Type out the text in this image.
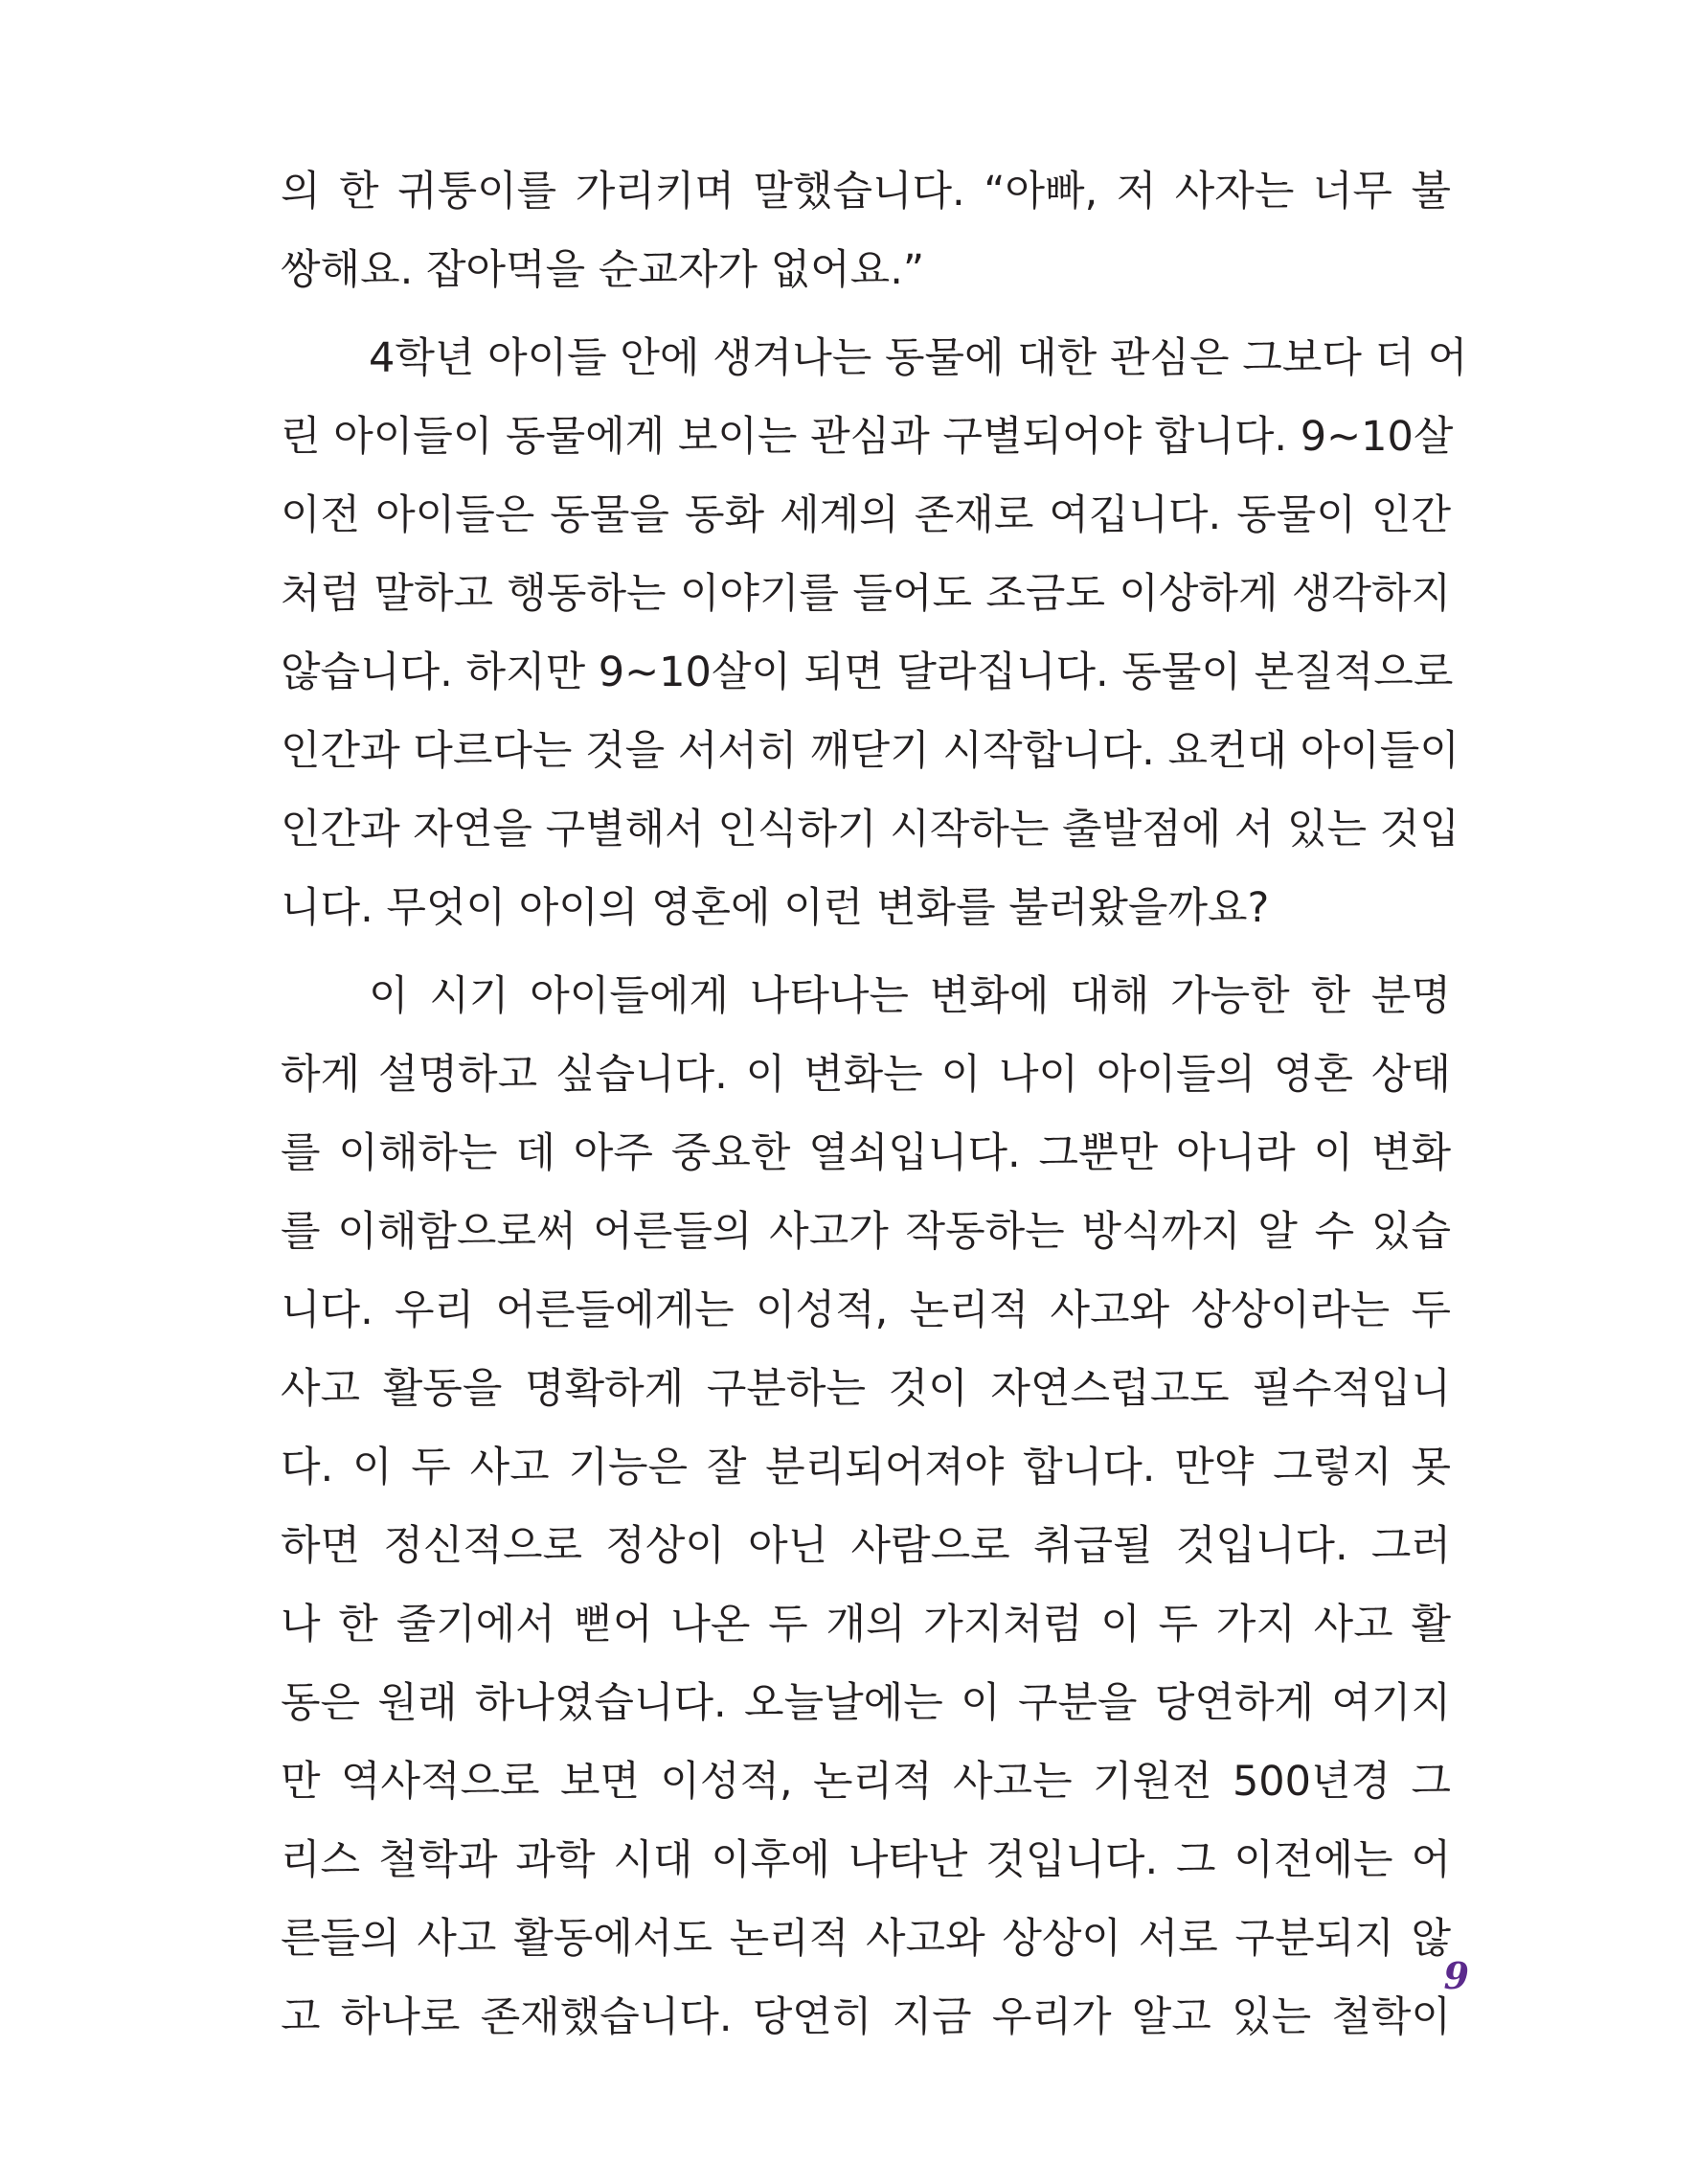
의 한 귀퉁이를 가리키며 말했습니다. “아빠, 저 사자는 너무 불
쌍해요. 잡아먹을 순교자가 없어요.”
4학년 아이들 안에 생겨나는 동물에 대한 관심은 그보다 더 어
린 아이들이 동물에게 보이는 관심과 구별되어야 합니다. 9~10살
이전 아이들은 동물을 동화 세계의 존재로 여깁니다. 동물이 인간
처럼 말하고 행동하는 이야기를 들어도 조금도 이상하게 생각하지
않습니다. 하지만 9~10살이 되면 달라집니다. 동물이 본질적으로
인간과 다르다는 것을 서서히 깨닫기 시작합니다. 요컨대 아이들이
인간과 자연을 구별해서 인식하기 시작하는 출발점에 서 있는 것입
니다. 무엇이 아이의 영혼에 이런 변화를 불러왔을까요?
이 시기 아이들에게 나타나는 변화에 대해 가능한 한 분명
하게 설명하고 싶습니다. 이 변화는 이 나이 아이들의 영혼 상태
를 이해하는 데 아주 중요한 열쇠입니다. 그뿐만 아니라 이 변화
를 이해함으로써 어른들의 사고가 작동하는 방식까지 알 수 있습
니다. 우리 어른들에게는 이성적, 논리적 사고와 상상이라는 두
사고 활동을 명확하게 구분하는 것이 자연스럽고도 필수적입니
다. 이 두 사고 기능은 잘 분리되어져야 합니다. 만약 그렇지 못
하면 정신적으로 정상이 아닌 사람으로 취급될 것입니다. 그러
나 한 줄기에서 뻗어 나온 두 개의 가지처럼 이 두 가지 사고 활
동은 원래 하나였습니다. 오늘날에는 이 구분을 당연하게 여기지
만 역사적으로 보면 이성적, 논리적 사고는 기원전 500년경 그
리스 철학과 과학 시대 이후에 나타난 것입니다. 그 이전에는 어
른들의 사고 활동에서도 논리적 사고와 상상이 서로 구분되지 않
고 하나로 존재했습니다. 당연히 지금 우리가 알고 있는 철학이
9
